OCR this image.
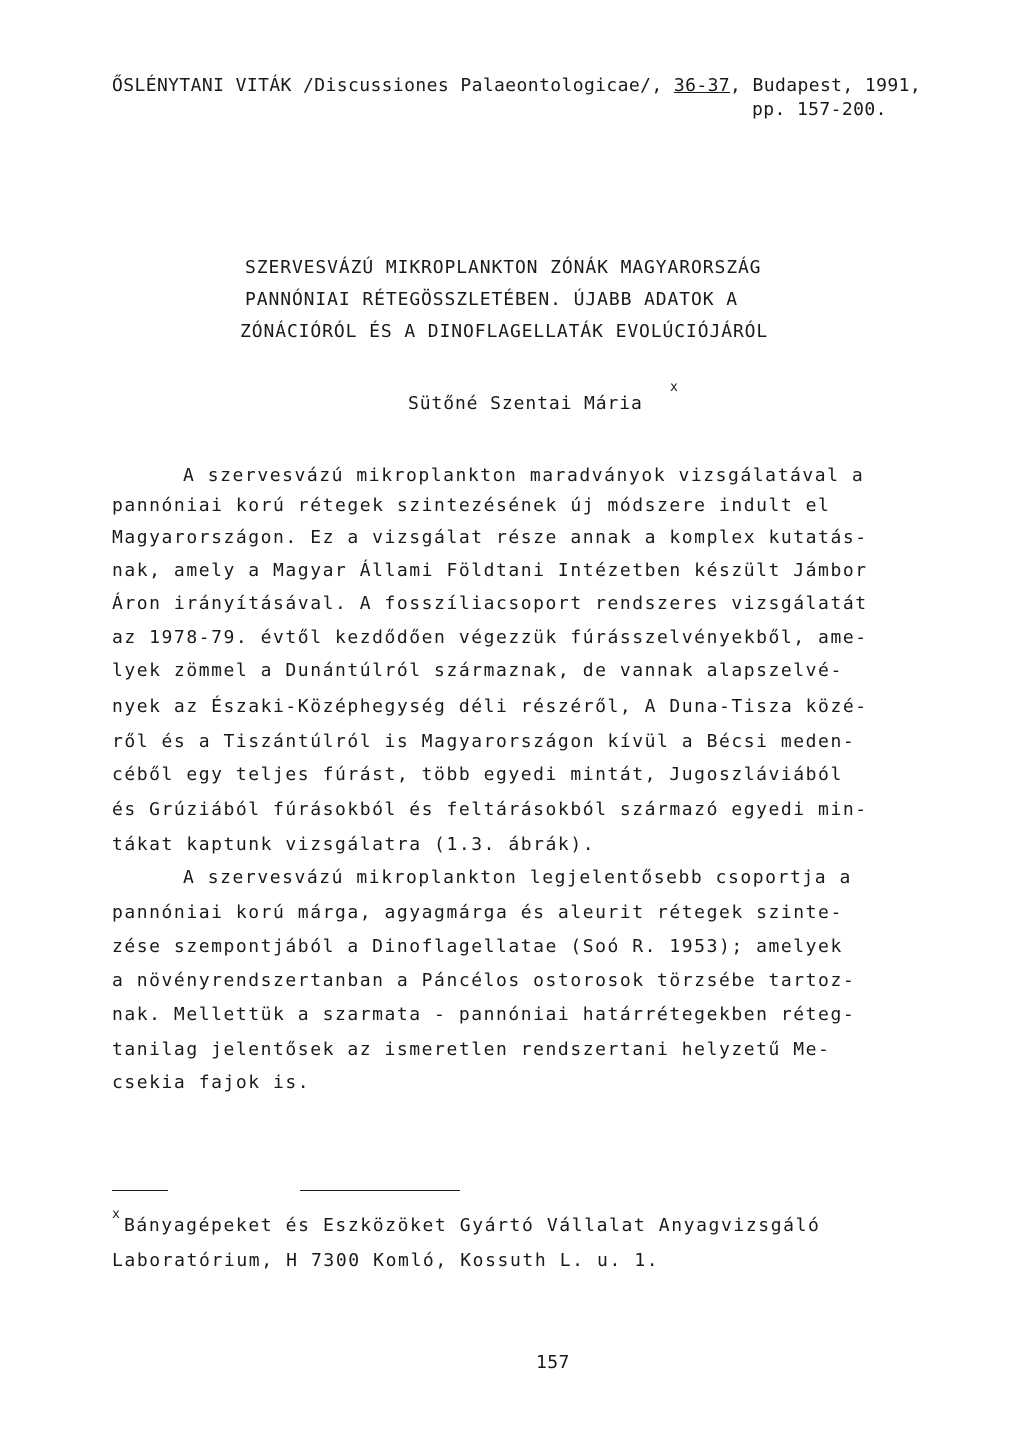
ŐSLÉNYTANI VITÁK /Discussiones Palaeontologicae/, 36-37, Budapest, 1991,
pp. 157-200.
SZERVESVÁZÚ MIKROPLANKTON ZÓNÁK MAGYARORSZÁG
PANNÓNIAI RÉTEGÖSSZLETÉBEN. ÚJABB ADATOK A
ZÓNÁCIÓRÓL ÉS A DINOFLAGELLATÁK EVOLÚCIÓJÁRÓL
Sütőné Szentai Mária
x
A szervesvázú mikroplankton maradványok vizsgálatával a
pannóniai korú rétegek szintezésének új módszere indult el
Magyarországon. Ez a vizsgálat része annak a komplex kutatás-
nak, amely a Magyar Állami Földtani Intézetben készült Jámbor
Áron irányításával. A fosszíliacsoport rendszeres vizsgálatát
az 1978-79. évtől kezdődően végezzük fúrásszelvényekből, ame-
lyek zömmel a Dunántúlról származnak, de vannak alapszelvé-
nyek az Északi-Középhegység déli részéről, A Duna-Tisza közé-
ről és a Tiszántúlról is Magyarországon kívül a Bécsi meden-
céből egy teljes fúrást, több egyedi mintát, Jugoszláviából
és Grúziából fúrásokból és feltárásokból származó egyedi min-
tákat kaptunk vizsgálatra (1.3. ábrák).
A szervesvázú mikroplankton legjelentősebb csoportja a
pannóniai korú márga, agyagmárga és aleurit rétegek szinte-
zése szempontjából a Dinoflagellatae (Soó R. 1953); amelyek
a növényrendszertanban a Páncélos ostorosok törzsébe tartoz-
nak. Mellettük a szarmata - pannóniai határrétegekben réteg-
tanilag jelentősek az ismeretlen rendszertani helyzetű Me-
csekia fajok is.
x
Bányagépeket és Eszközöket Gyártó Vállalat Anyagvizsgáló
Laboratórium, H 7300 Komló, Kossuth L. u. 1.
157
